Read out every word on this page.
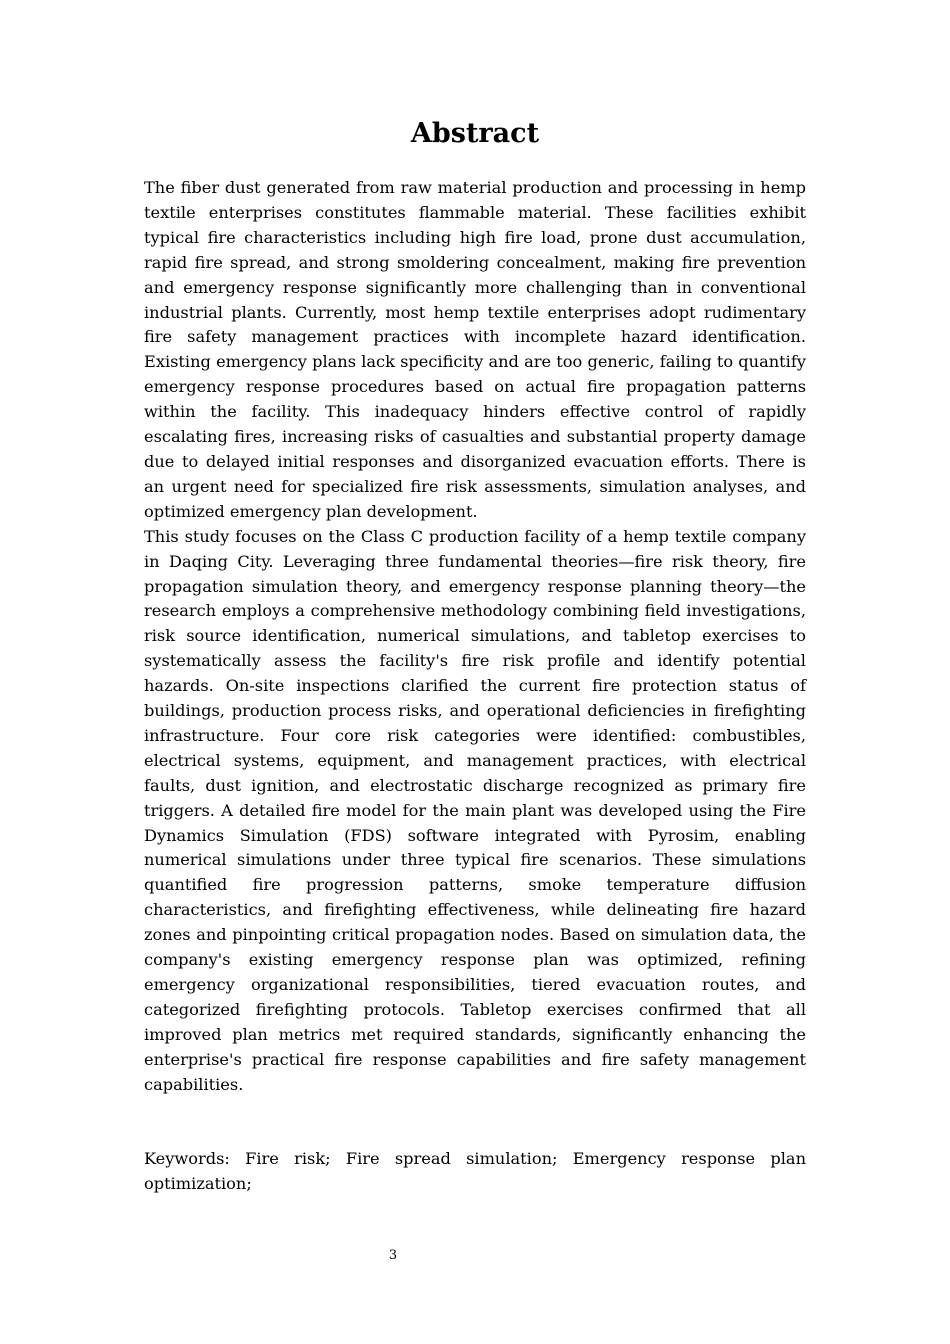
Abstract

The fiber dust generated from raw material production and processing in hemp textile enterprises constitutes flammable material. These facilities exhibit typical fire characteristics including high fire load, prone dust accumulation, rapid fire spread, and strong smoldering concealment, making fire prevention and emergency response significantly more challenging than in conventional industrial plants. Currently, most hemp textile enterprises adopt rudimentary fire safety management practices with incomplete hazard identification. Existing emergency plans lack specificity and are too generic, failing to quantify emergency response procedures based on actual fire propagation patterns within the facility. This inadequacy hinders effective control of rapidly escalating fires, increasing risks of casualties and substantial property damage due to delayed initial responses and disorganized evacuation efforts. There is an urgent need for specialized fire risk assessments, simulation analyses, and optimized emergency plan development.

This study focuses on the Class C production facility of a hemp textile company in Daqing City. Leveraging three fundamental theories—fire risk theory, fire propagation simulation theory, and emergency response planning theory—the research employs a comprehensive methodology combining field investigations, risk source identification, numerical simulations, and tabletop exercises to systematically assess the facility's fire risk profile and identify potential hazards. On-site inspections clarified the current fire protection status of buildings, production process risks, and operational deficiencies in firefighting infrastructure. Four core risk categories were identified: combustibles, electrical systems, equipment, and management practices, with electrical faults, dust ignition, and electrostatic discharge recognized as primary fire triggers. A detailed fire model for the main plant was developed using the Fire Dynamics Simulation (FDS) software integrated with Pyrosim, enabling numerical simulations under three typical fire scenarios. These simulations quantified fire progression patterns, smoke temperature diffusion characteristics, and firefighting effectiveness, while delineating fire hazard zones and pinpointing critical propagation nodes. Based on simulation data, the company's existing emergency response plan was optimized, refining emergency organizational responsibilities, tiered evacuation routes, and categorized firefighting protocols. Tabletop exercises confirmed that all improved plan metrics met required standards, significantly enhancing the enterprise's practical fire response capabilities and fire safety management capabilities.

Keywords: Fire risk; Fire spread simulation; Emergency response plan optimization;

3
